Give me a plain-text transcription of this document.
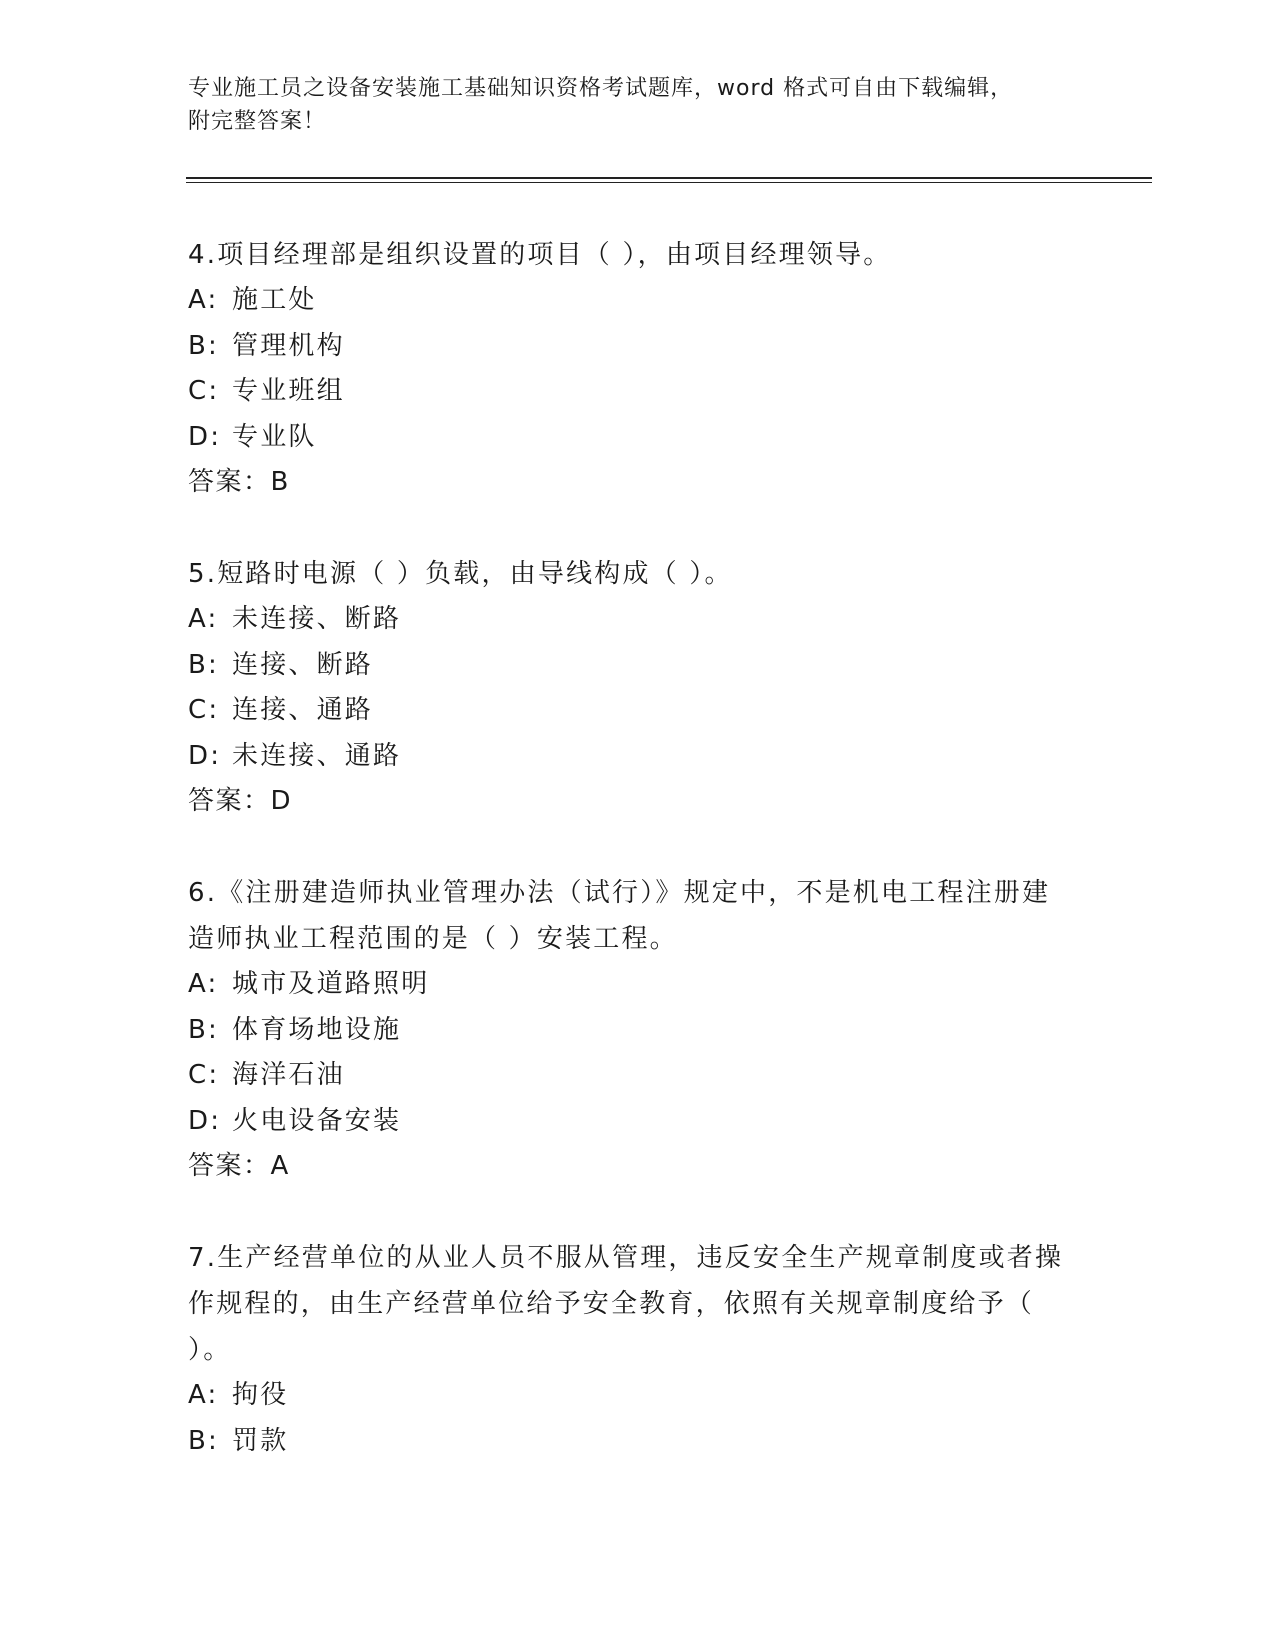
专业施工员之设备安装施工基础知识资格考试题库，word 格式可自由下载编辑，
附完整答案！
4.项目经理部是组织设置的项目（ ），由项目经理领导。
A: 施工处
B: 管理机构
C: 专业班组
D: 专业队
答案：B
5.短路时电源（ ）负载，由导线构成（ ）。
A: 未连接、断路
B: 连接、断路
C: 连接、通路
D: 未连接、通路
答案：D
6.《注册建造师执业管理办法（试行）》规定中，不是机电工程注册建造师执业工程范围的是（ ）安装工程。
A: 城市及道路照明
B: 体育场地设施
C: 海洋石油
D: 火电设备安装
答案：A
7.生产经营单位的从业人员不服从管理，违反安全生产规章制度或者操作规程的，由生产经营单位给予安全教育，依照有关规章制度给予（ ）。
A: 拘役
B: 罚款
